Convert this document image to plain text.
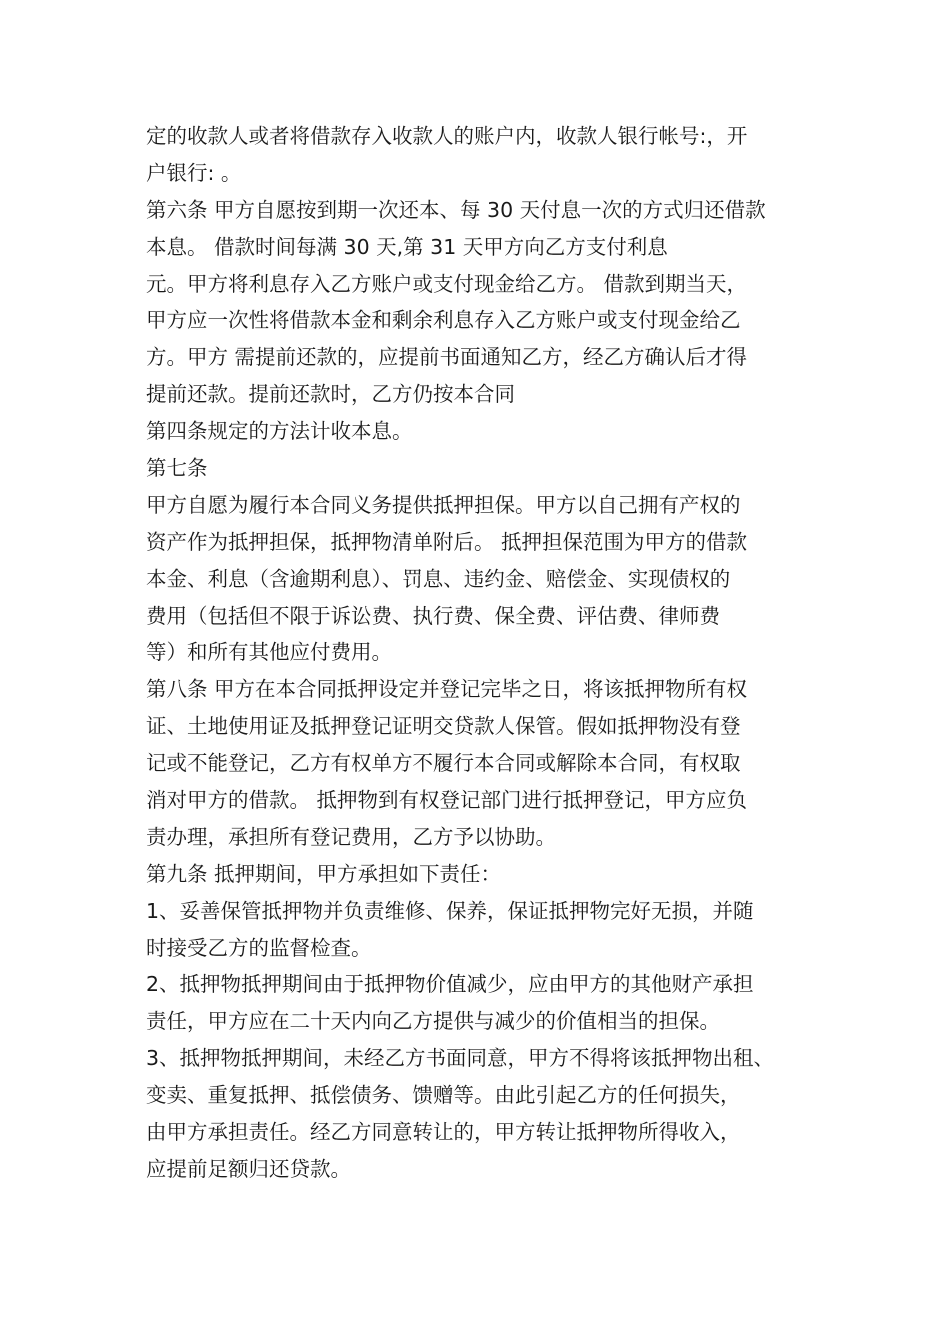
定的收款人或者将借款存入收款人的账户内，收款人银行帐号:，开
户银行: 。
第六条 甲方自愿按到期一次还本、每 30 天付息一次的方式归还借款
本息。 借款时间每满 30 天,第 31 天甲方向乙方支付利息
元。甲方将利息存入乙方账户或支付现金给乙方。 借款到期当天，
甲方应一次性将借款本金和剩余利息存入乙方账户或支付现金给乙
方。甲方 需提前还款的，应提前书面通知乙方，经乙方确认后才得
提前还款。提前还款时，乙方仍按本合同
第四条规定的方法计收本息。
第七条
甲方自愿为履行本合同义务提供抵押担保。甲方以自己拥有产权的
资产作为抵押担保，抵押物清单附后。 抵押担保范围为甲方的借款
本金、利息（含逾期利息）、罚息、违约金、赔偿金、实现债权的
费用（包括但不限于诉讼费、执行费、保全费、评估费、律师费
等）和所有其他应付费用。
第八条 甲方在本合同抵押设定并登记完毕之日，将该抵押物所有权
证、土地使用证及抵押登记证明交贷款人保管。假如抵押物没有登
记或不能登记，乙方有权单方不履行本合同或解除本合同，有权取
消对甲方的借款。 抵押物到有权登记部门进行抵押登记，甲方应负
责办理，承担所有登记费用，乙方予以协助。
第九条 抵押期间，甲方承担如下责任：
1、妥善保管抵押物并负责维修、保养，保证抵押物完好无损，并随
时接受乙方的监督检查。
2、抵押物抵押期间由于抵押物价值减少，应由甲方的其他财产承担
责任，甲方应在二十天内向乙方提供与减少的价值相当的担保。
3、抵押物抵押期间，未经乙方书面同意，甲方不得将该抵押物出租、
变卖、重复抵押、抵偿债务、馈赠等。由此引起乙方的任何损失，
由甲方承担责任。经乙方同意转让的，甲方转让抵押物所得收入，
应提前足额归还贷款。
